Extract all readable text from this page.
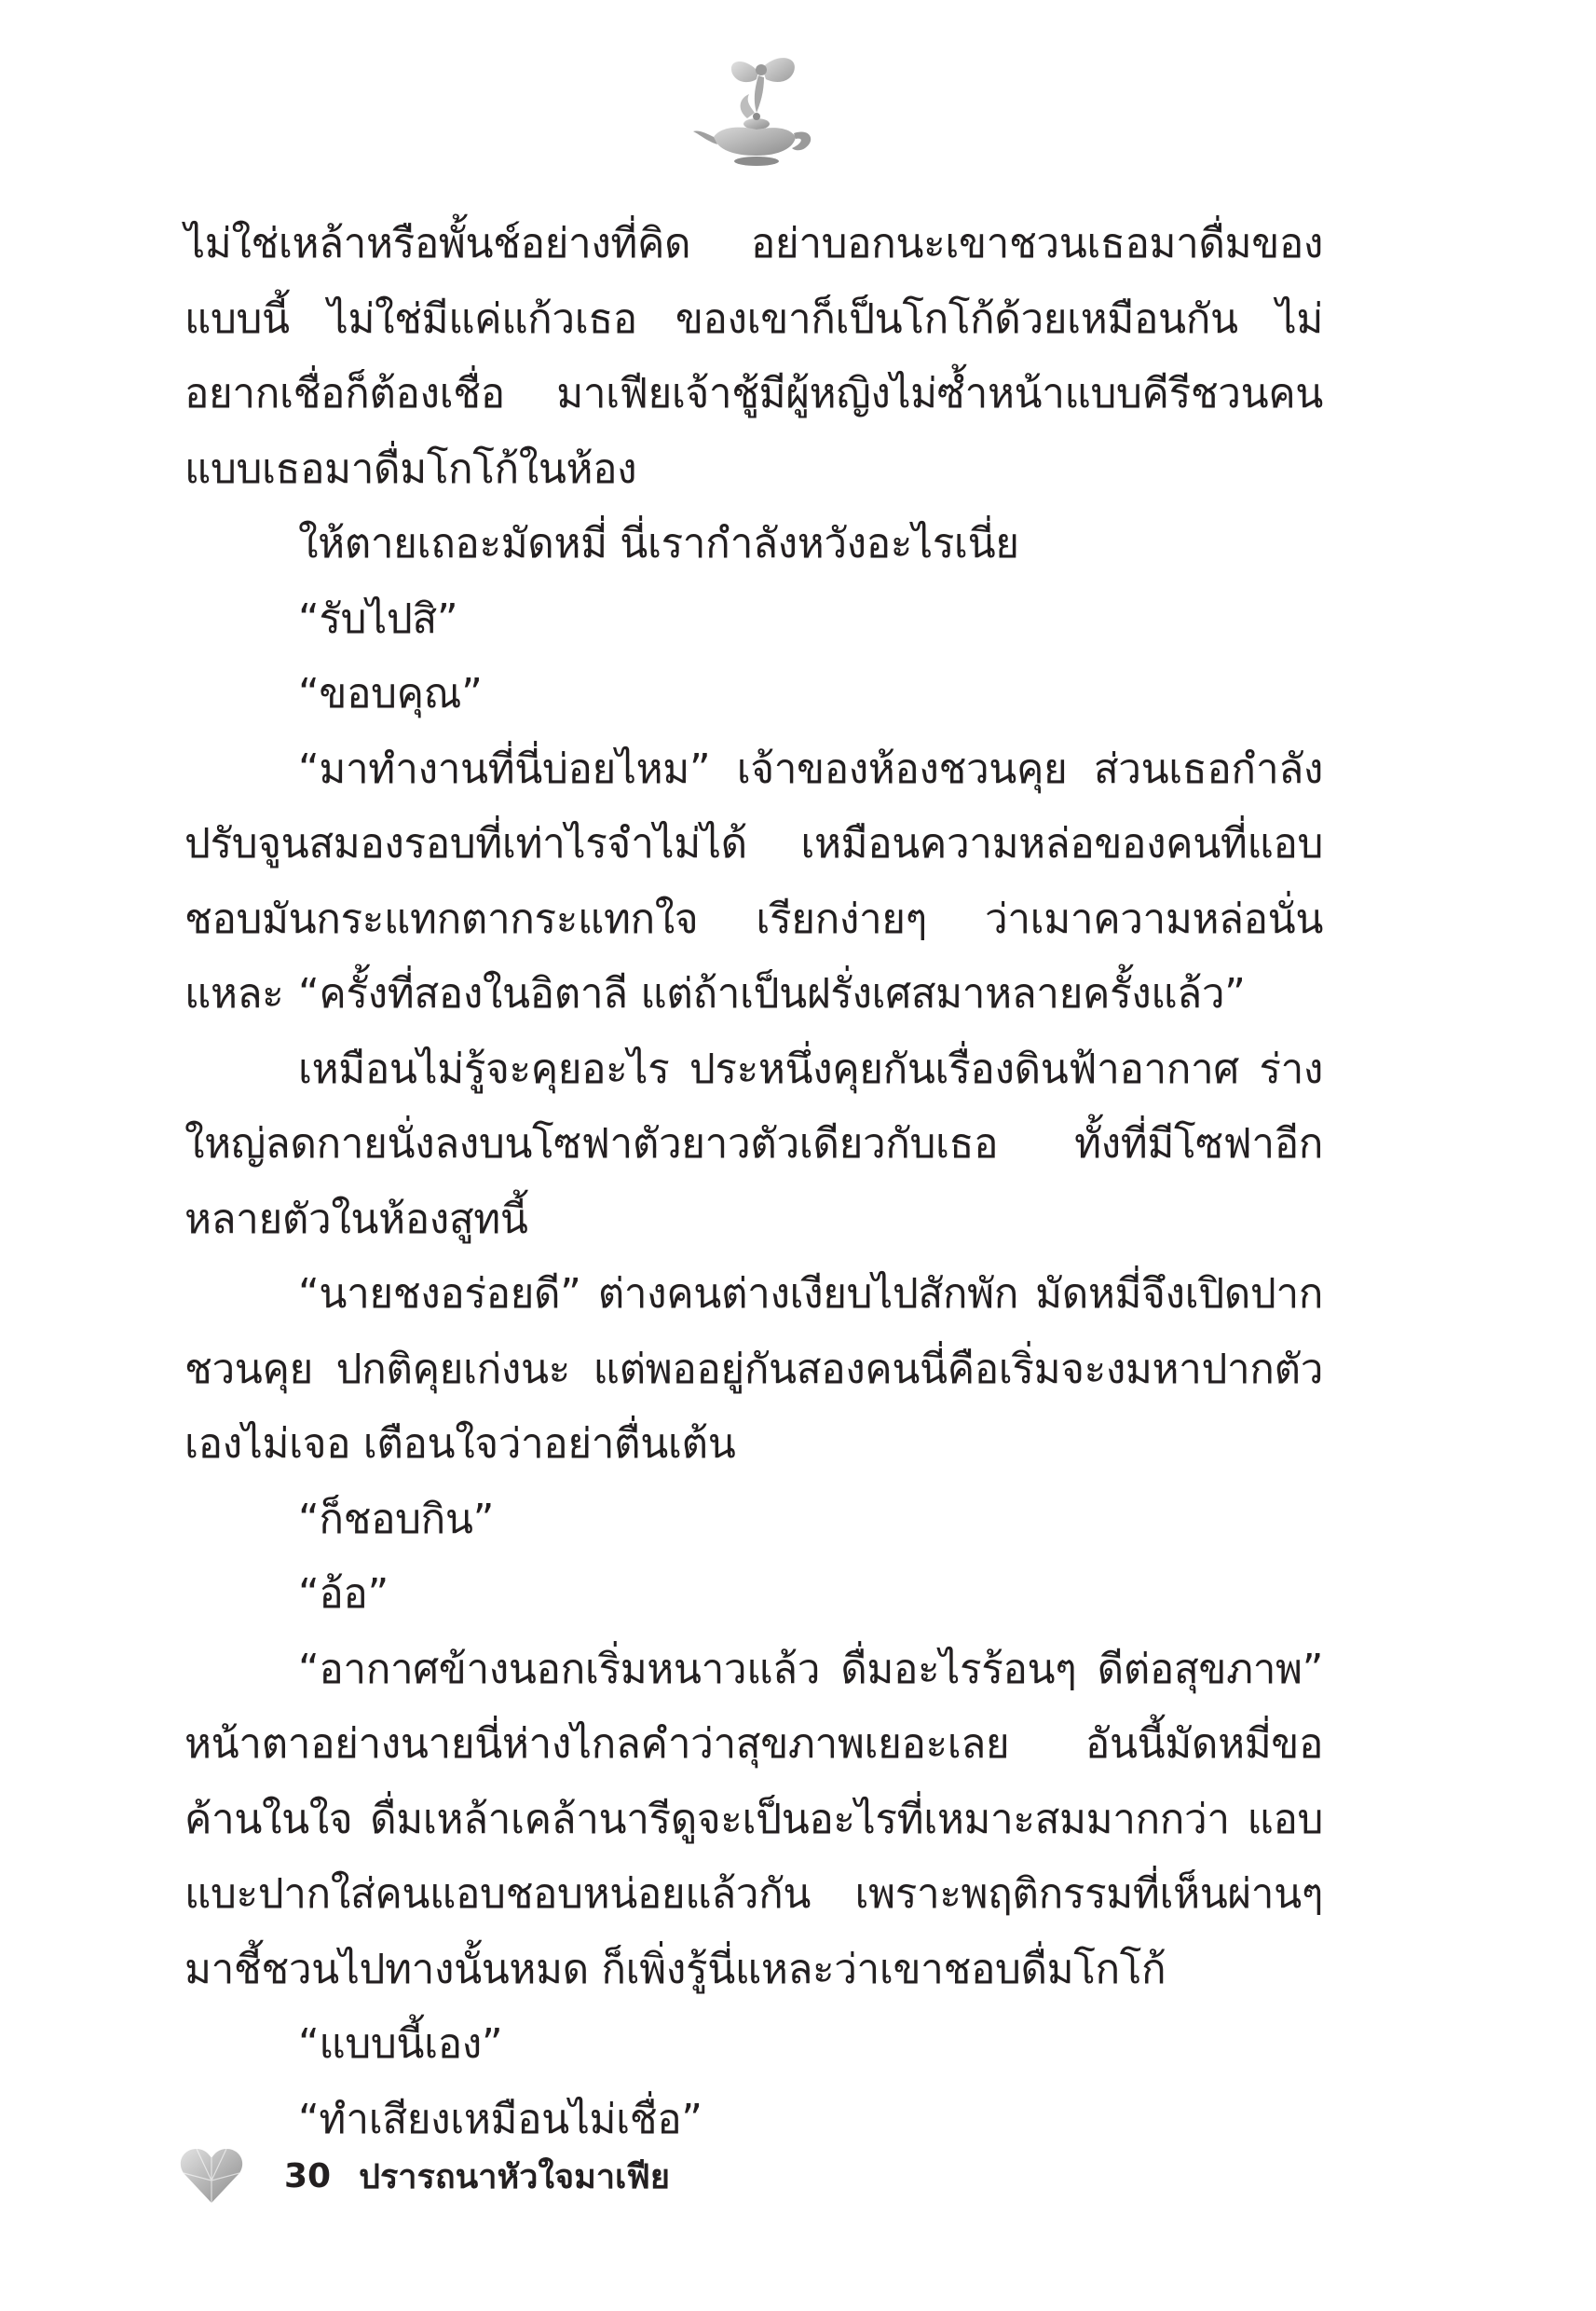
ไม่ใช่เหล้าหรือพั้นช์อย่างที่คิด อย่าบอกนะเขาชวนเธอมาดื่มของแบบนี้ ไม่ใช่มีแค่แก้วเธอ ของเขาก็เป็นโกโก้ด้วยเหมือนกัน ไม่อยากเชื่อก็ต้องเชื่อ มาเฟียเจ้าชู้มีผู้หญิงไม่ซ้ำหน้าแบบคีรีชวนคนแบบเธอมาดื่มโกโก้ในห้อง

ให้ตายเถอะมัดหมี่ นี่เรากำลังหวังอะไรเนี่ย

“รับไปสิ”

“ขอบคุณ”

“มาทำงานที่นี่บ่อยไหม” เจ้าของห้องชวนคุย ส่วนเธอกำลังปรับจูนสมองรอบที่เท่าไรจำไม่ได้ เหมือนความหล่อของคนที่แอบชอบมันกระแทกตากระแทกใจ เรียกง่ายๆ ว่าเมาความหล่อนั่นแหละ “ครั้งที่สองในอิตาลี แต่ถ้าเป็นฝรั่งเศสมาหลายครั้งแล้ว”

เหมือนไม่รู้จะคุยอะไร ประหนึ่งคุยกันเรื่องดินฟ้าอากาศ ร่างใหญ่ลดกายนั่งลงบนโซฟาตัวยาวตัวเดียวกับเธอ ทั้งที่มีโซฟาอีกหลายตัวในห้องสูทนี้

“นายชงอร่อยดี” ต่างคนต่างเงียบไปสักพัก มัดหมี่จึงเปิดปากชวนคุย ปกติคุยเก่งนะ แต่พออยู่กันสองคนนี่คือเริ่มจะงมหาปากตัวเองไม่เจอ เตือนใจว่าอย่าตื่นเต้น

“ก็ชอบกิน”

“อ้อ”

“อากาศข้างนอกเริ่มหนาวแล้ว ดื่มอะไรร้อนๆ ดีต่อสุขภาพ” หน้าตาอย่างนายนี่ห่างไกลคำว่าสุขภาพเยอะเลย อันนี้มัดหมี่ขอค้านในใจ ดื่มเหล้าเคล้านารีดูจะเป็นอะไรที่เหมาะสมมากกว่า แอบแบะปากใส่คนแอบชอบหน่อยแล้วกัน เพราะพฤติกรรมที่เห็นผ่านๆ มาชี้ชวนไปทางนั้นหมด ก็เพิ่งรู้นี่แหละว่าเขาชอบดื่มโกโก้

“แบบนี้เอง”

“ทำเสียงเหมือนไม่เชื่อ”

30 ปรารถนาหัวใจมาเฟีย
